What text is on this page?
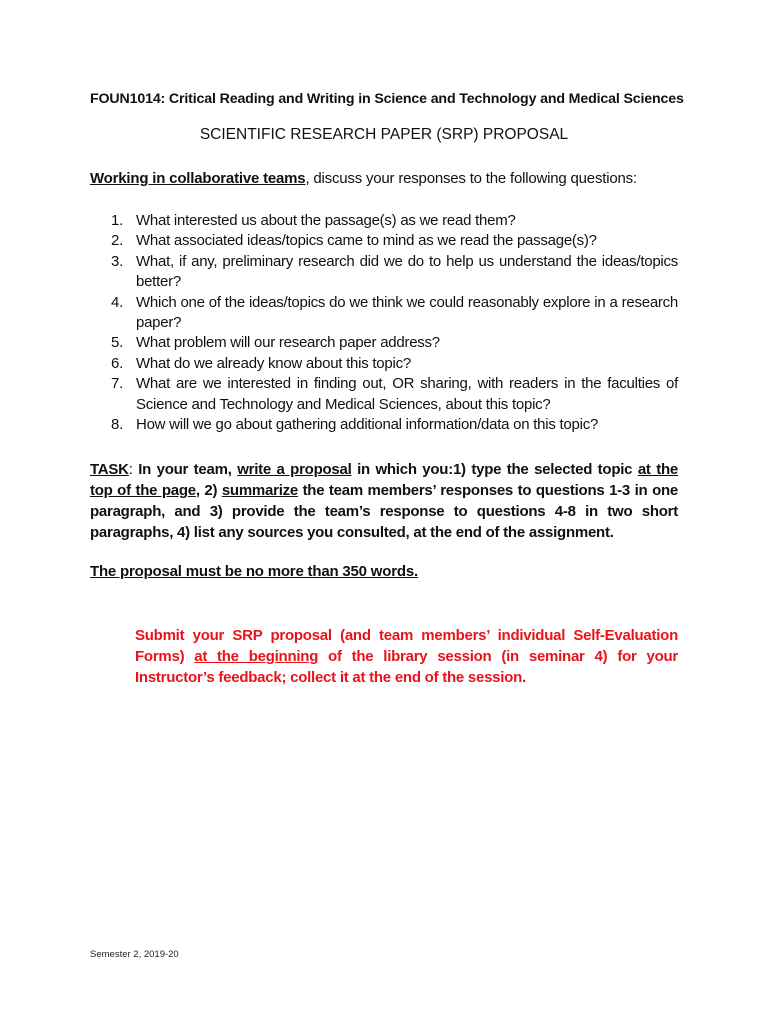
FOUN1014: Critical Reading and Writing in Science and Technology and Medical Sciences
SCIENTIFIC RESEARCH PAPER (SRP) PROPOSAL
Working in collaborative teams, discuss your responses to the following questions:
1. What interested us about the passage(s) as we read them?
2. What associated ideas/topics came to mind as we read the passage(s)?
3. What, if any, preliminary research did we do to help us understand the ideas/topics better?
4. Which one of the ideas/topics do we think we could reasonably explore in a research paper?
5. What problem will our research paper address?
6. What do we already know about this topic?
7. What are we interested in finding out, OR sharing, with readers in the faculties of Science and Technology and Medical Sciences, about this topic?
8. How will we go about gathering additional information/data on this topic?
TASK: In your team, write a proposal in which you:1) type the selected topic at the top of the page, 2) summarize the team members’ responses to questions 1-3 in one paragraph, and 3) provide the team’s response to questions 4-8 in two short paragraphs, 4) list any sources you consulted, at the end of the assignment.
The proposal must be no more than 350 words.
Submit your SRP proposal (and team members’ individual Self-Evaluation Forms) at the beginning of the library session (in seminar 4) for your Instructor’s feedback; collect it at the end of the session.
Semester 2, 2019-20
